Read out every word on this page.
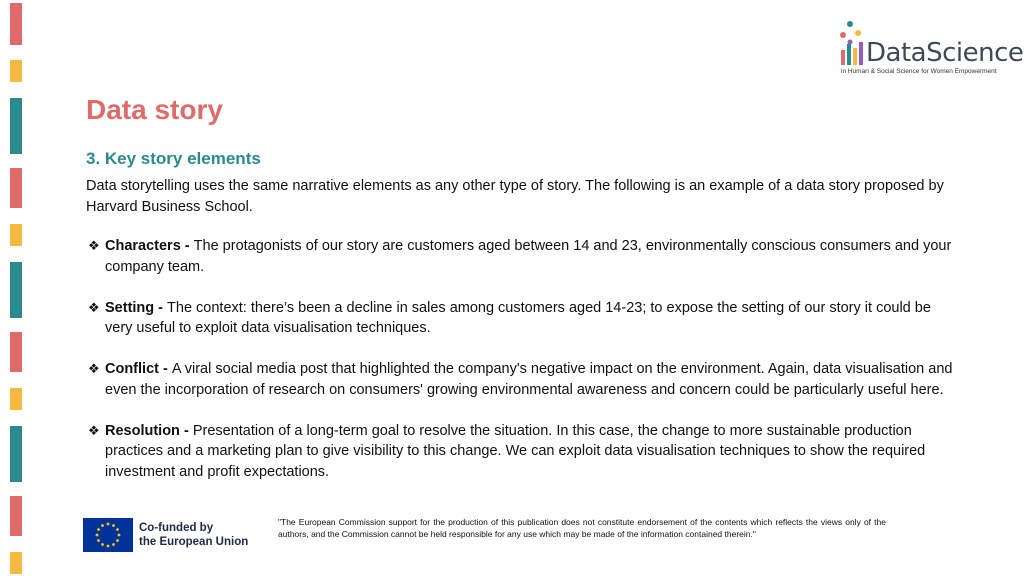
DataScience
in Human & Social Science for Women Empowerment
Data story
3. Key story elements

Data storytelling uses the same narrative elements as any other type of story. The following is an example of a data story proposed by Harvard Business School.

❖ Characters - The protagonists of our story are customers aged between 14 and 23, environmentally conscious consumers and your company team.
❖ Setting - The context: there’s been a decline in sales among customers aged 14-23; to expose the setting of our story it could be very useful to exploit data visualisation techniques.
❖ Conflict - A viral social media post that highlighted the company's negative impact on the environment. Again, data visualisation and even the incorporation of research on consumers' growing environmental awareness and concern could be particularly useful here.
❖ Resolution - Presentation of a long-term goal to resolve the situation. In this case, the change to more sustainable production practices and a marketing plan to give visibility to this change. We can exploit data visualisation techniques to show the required investment and profit expectations.
Co-funded by
the European Union

"The European Commission support for the production of this publication does not constitute endorsement of the contents which reflects the views only of the authors, and the Commission cannot be held responsible for any use which may be made of the information contained therein."
